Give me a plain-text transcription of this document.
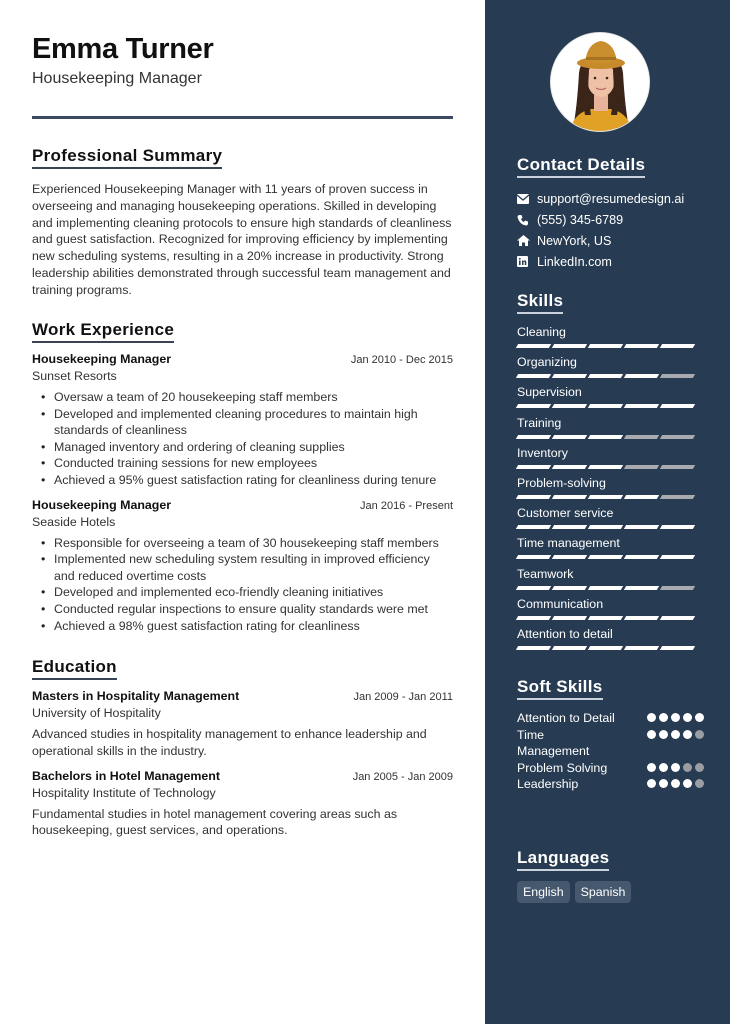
Emma Turner
Housekeeping Manager
Professional Summary

Experienced Housekeeping Manager with 11 years of proven success in overseeing and managing housekeeping operations. Skilled in developing and implementing cleaning protocols to ensure high standards of cleanliness and guest satisfaction. Recognized for improving efficiency by implementing new scheduling systems, resulting in a 20% increase in productivity. Strong leadership abilities demonstrated through successful team management and training programs.

Work Experience
Housekeeping Manager	Jan 2010 - Dec 2015
Sunset Resorts
• Oversaw a team of 20 housekeeping staff members
• Developed and implemented cleaning procedures to maintain high standards of cleanliness
• Managed inventory and ordering of cleaning supplies
• Conducted training sessions for new employees
• Achieved a 95% guest satisfaction rating for cleanliness during tenure
Housekeeping Manager	Jan 2016 - Present
Seaside Hotels
• Responsible for overseeing a team of 30 housekeeping staff members
• Implemented new scheduling system resulting in improved efficiency and reduced overtime costs
• Developed and implemented eco-friendly cleaning initiatives
• Conducted regular inspections to ensure quality standards were met
• Achieved a 98% guest satisfaction rating for cleanliness
Education
Masters in Hospitality Management	Jan 2009 - Jan 2011
University of Hospitality

Advanced studies in hospitality management to enhance leadership and operational skills in the industry.

Bachelors in Hotel Management	Jan 2005 - Jan 2009
Hospitality Institute of Technology

Fundamental studies in hotel management covering areas such as housekeeping, guest services, and operations.

Contact Details
support@resumedesign.ai
(555) 345-6789
NewYork, US
LinkedIn.com
Skills
Cleaning
Organizing
Supervision
Training
Inventory
Problem-solving
Customer service
Time management
Teamwork
Communication
Attention to detail
Soft Skills
Attention to Detail
Time Management
Problem Solving
Leadership
Languages
English	Spanish
